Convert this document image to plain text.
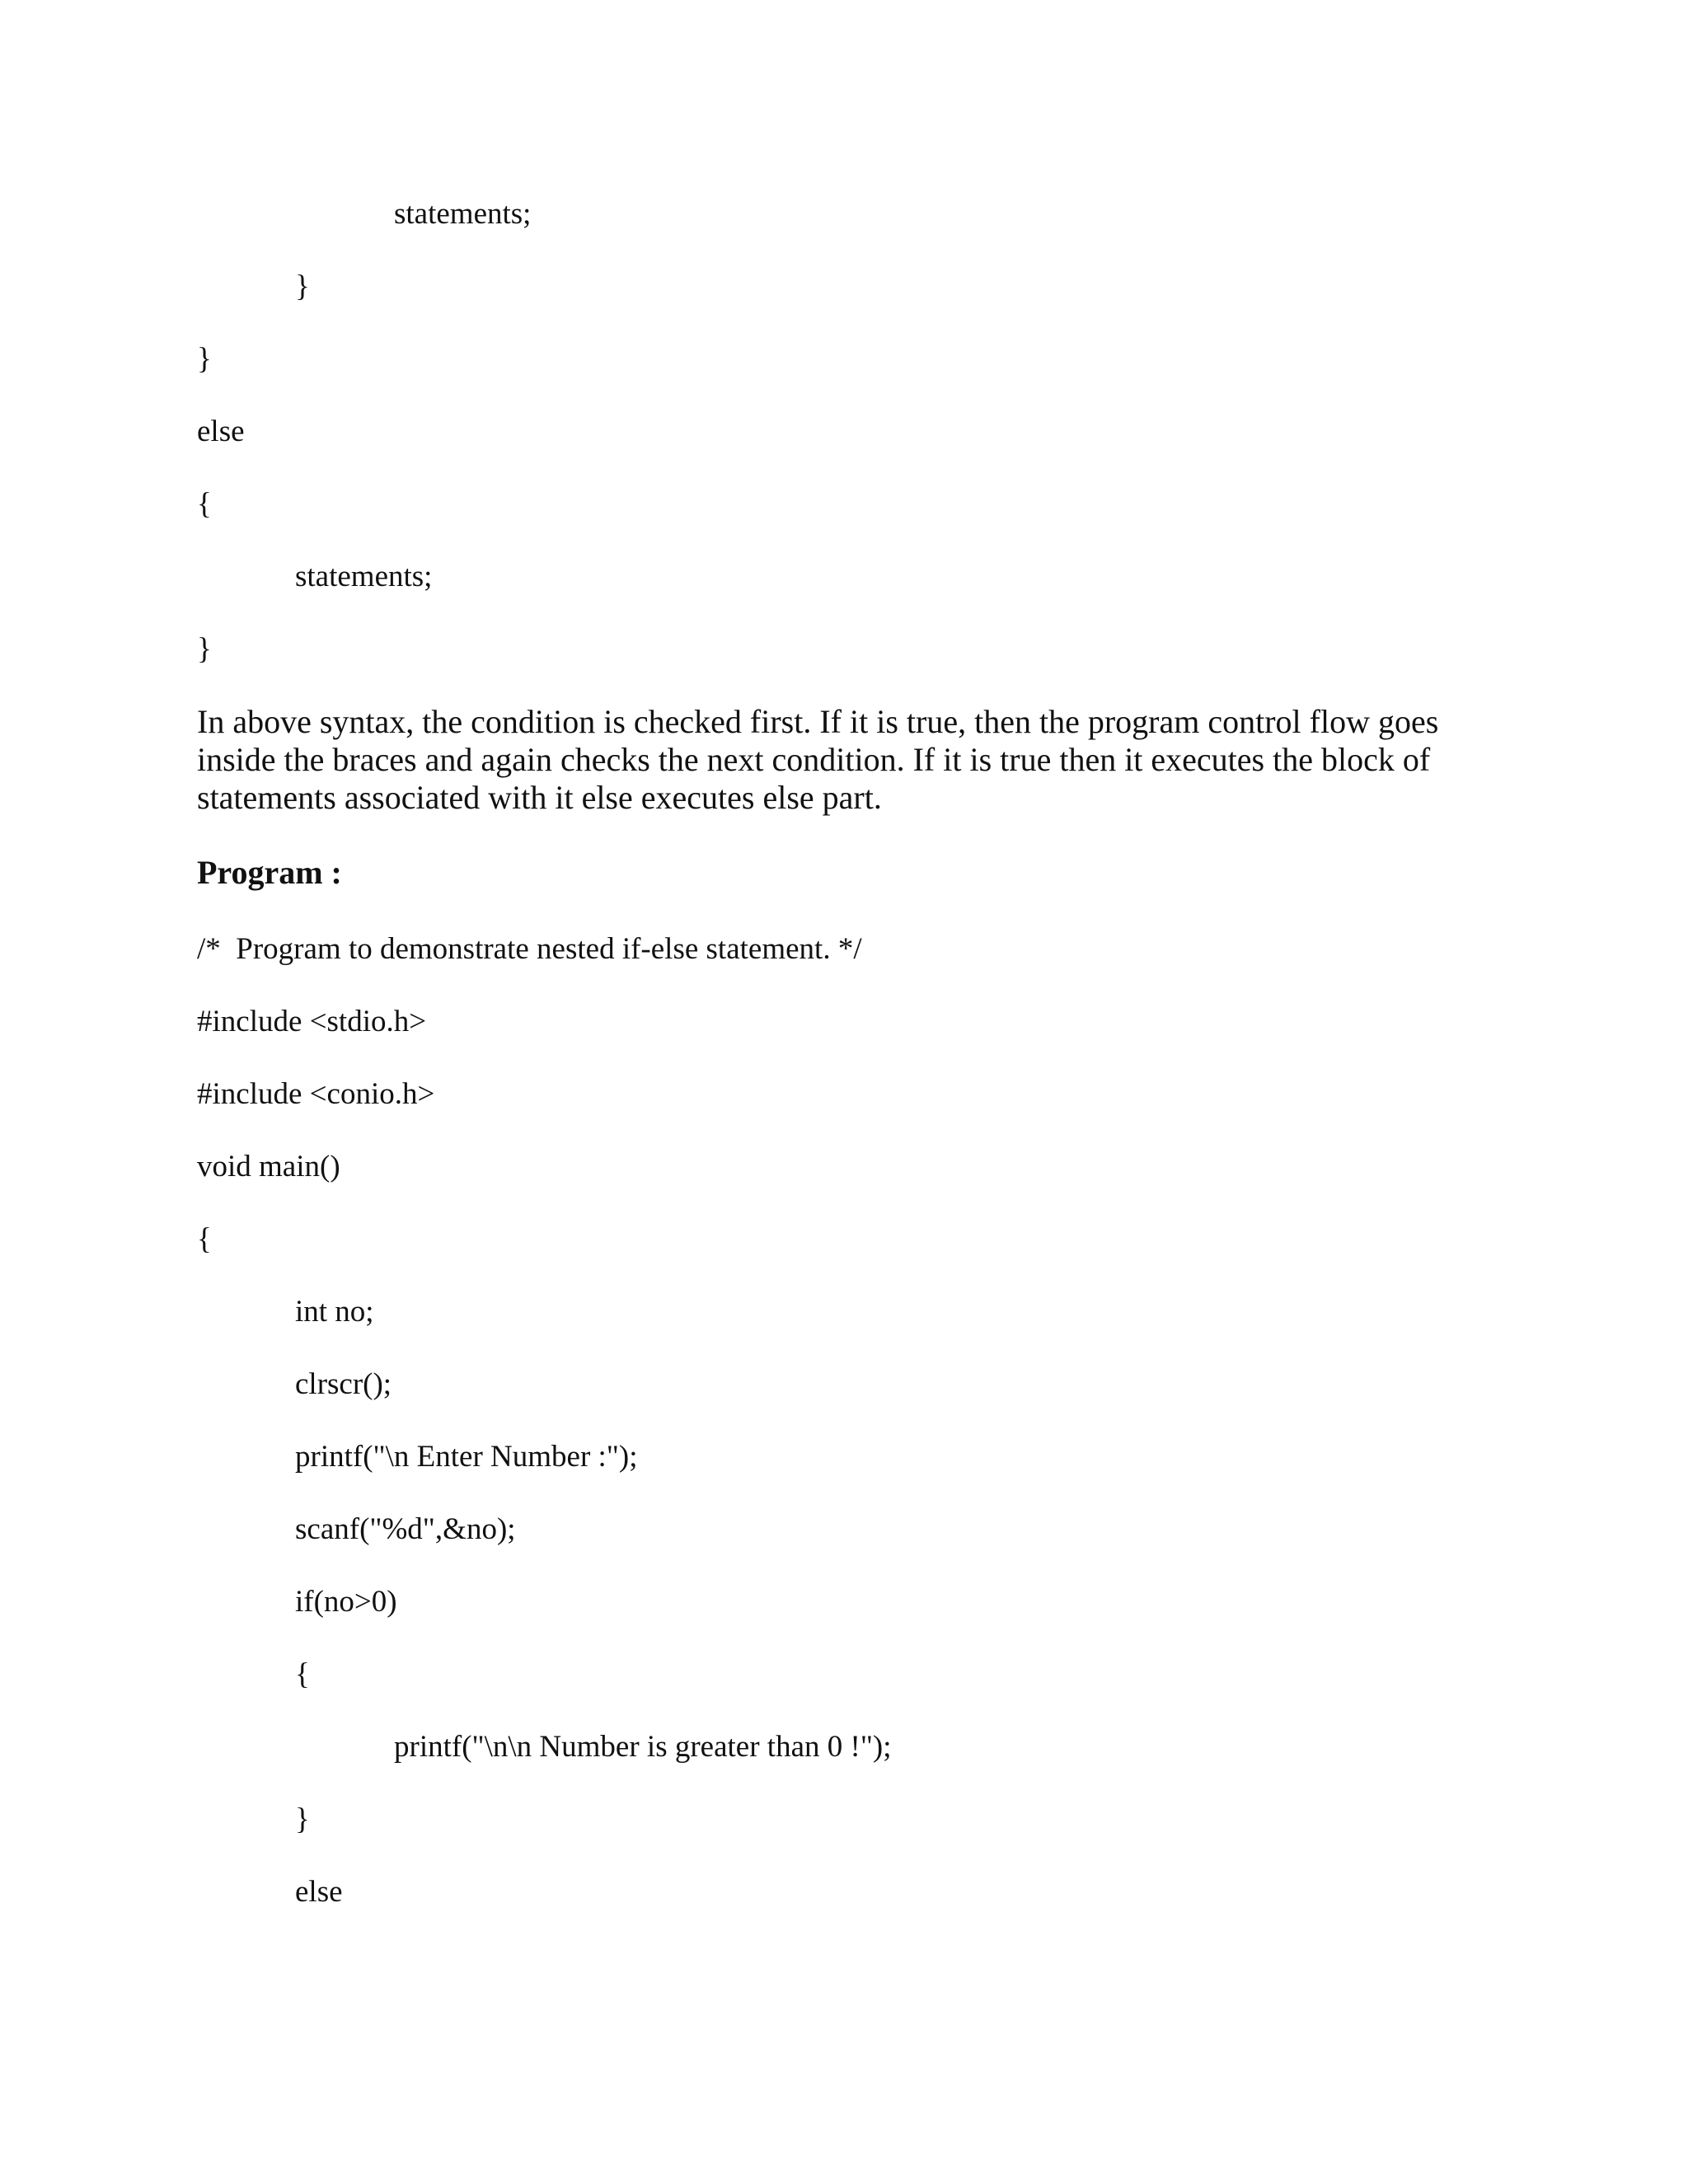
statements;

}

}

else

{

statements;

}

In above syntax, the condition is checked first. If it is true, then the program control flow goes inside the braces and again checks the next condition. If it is true then it executes the block of statements associated with it else executes else part.

Program :

/*  Program to demonstrate nested if-else statement. */

#include <stdio.h>

#include <conio.h>

void main()

{

int no;

clrscr();

printf("\n Enter Number :");

scanf("%d",&no);

if(no>0)

{

printf("\n\n Number is greater than 0 !");

}

else
